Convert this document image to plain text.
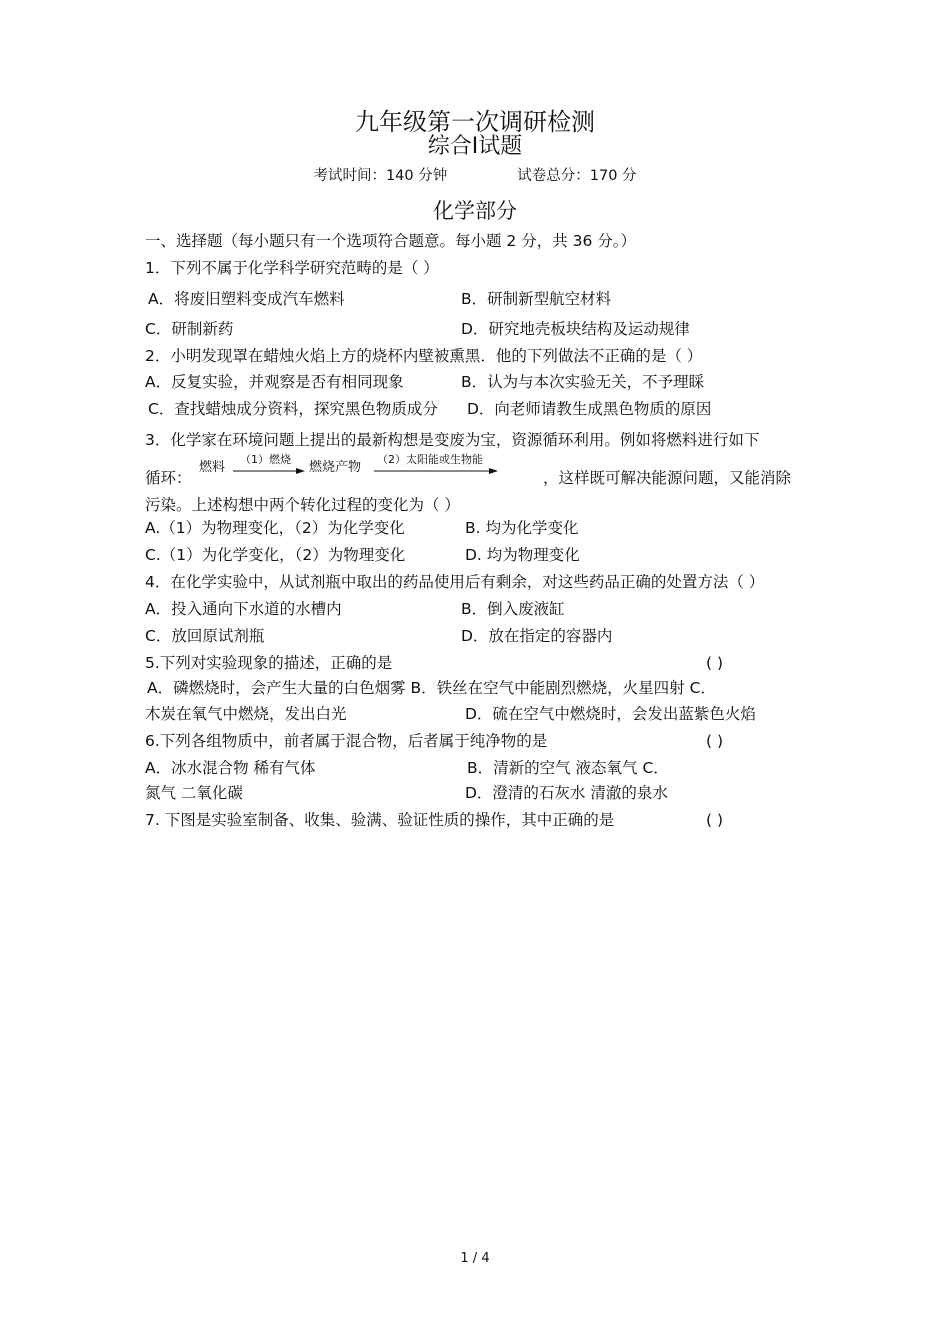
九年级第一次调研检测
综合Ⅰ试题
考试时间：140 分钟	试卷总分：170 分
化学部分
一、选择题（每小题只有一个选项符合题意。每小题 2 分，共 36 分。）
1．下列不属于化学科学研究范畴的是（ ）
A．将废旧塑料变成汽车燃料	B．研制新型航空材料
C．研制新药	D．研究地壳板块结构及运动规律
2．小明发现罩在蜡烛火焰上方的烧杯内壁被熏黑．他的下列做法不正确的是（ ）
A．反复实验，并观察是否有相同现象	B．认为与本次实验无关，不予理睬
C．查找蜡烛成分资料，探究黑色物质成分 D．向老师请教生成黑色物质的原因
3．化学家在环境问题上提出的最新构想是变废为宝，资源循环利用。例如将燃料进行如下
循环：
燃料
（1）燃烧
燃烧产物
（2）太阳能或生物能
，这样既可解决能源问题，又能消除
污染。上述构想中两个转化过程的变化为（ ）
A.（1）为物理变化，（2）为化学变化	B. 均为化学变化
C.（1）为化学变化，（2）为物理变化	D. 均为物理变化
4．在化学实验中，从试剂瓶中取出的药品使用后有剩余，对这些药品正确的处置方法（ ）
A．投入通向下水道的水槽内	B．倒入废液缸
C．放回原试剂瓶	D．放在指定的容器内
5.下列对实验现象的描述，正确的是	( )
A．磷燃烧时，会产生大量的白色烟雾 B．铁丝在空气中能剧烈燃烧，火星四射 C．
木炭在氧气中燃烧，发出白光	D．硫在空气中燃烧时，会发出蓝紫色火焰
6.下列各组物质中，前者属于混合物，后者属于纯净物的是	( )
A．冰水混合物 稀有气体	B．清新的空气 液态氧气 C．
氮气 二氧化碳	D．澄清的石灰水 清澈的泉水
7. 下图是实验室制备、收集、验满、验证性质的操作，其中正确的是	( )
1 / 4
